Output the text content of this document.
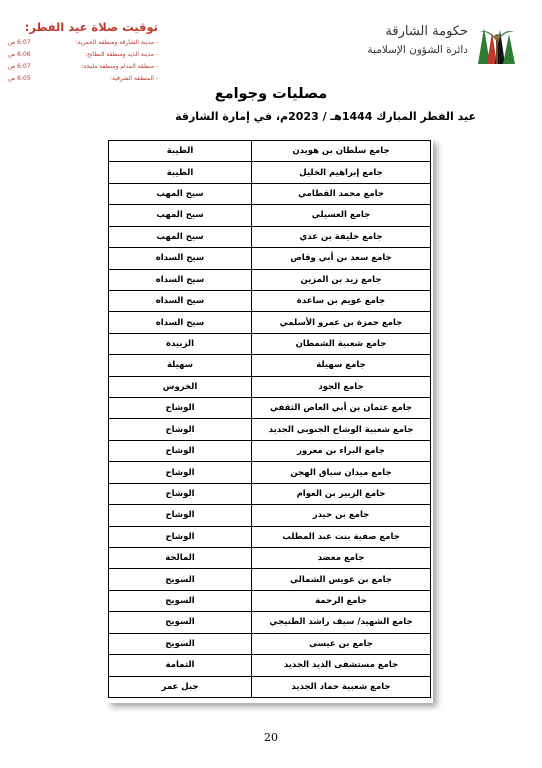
توقيت صلاة عيد الفطر:
- مدينة الشارقة ومنطقة الحمرية:
6:07 ص
- مدينة الذيد ومنطقة البطائح:
6:06 ص
- منطقة المدام ومنطقة مليحة:
6:07 ص
- المنطقة الشرقية:
6:05 ص
حكومة الشارقة
دائرة الشؤون الإسلامية
مصليات وجوامع
عيد الفطر المبارك 1444هـ / 2023م، في إمارة الشارقة
جامع سلطان بن هويدن	الطيبة
جامع إبراهيم الخليل	الطيبة
جامع محمد القطامي	سيح المهب
جامع العسيلي	سيح المهب
جامع خليفة بن عدي	سيح المهب
جامع سعد بن أبي وقاص	سيح السداه
جامع زيد بن المزين	سيح السداه
جامع عويم بن ساعدة	سيح السداه
جامع حمزة بن عمرو الأسلمي	سيح السداه
جامع شعبية الشمطان	الزبيدة
جامع سهيلة	سهيلة
جامع الجود	الخروس
جامع عثمان بن أبي العاص الثقفي	الوشاح
جامع شعبية الوشاح الجنوبي الجديد	الوشاح
جامع البراء بن معرور	الوشاح
جامع ميدان سباق الهجن	الوشاح
جامع الزبير بن العوام	الوشاح
جامع بن حيدر	الوشاح
جامع صفية بنت عبد المطلب	الوشاح
جامع معضد	المالحة
جامع بن عويس الشمالي	السويح
جامع الرحمة	السويح
جامع الشهيد/ سيف راشد الطنيجي	السويح
جامع بن عيسى	السويح
جامع مستشفى الذيد الجديد	الثمامة
جامع شعبية حماد الجديد	جبل عمر
20
